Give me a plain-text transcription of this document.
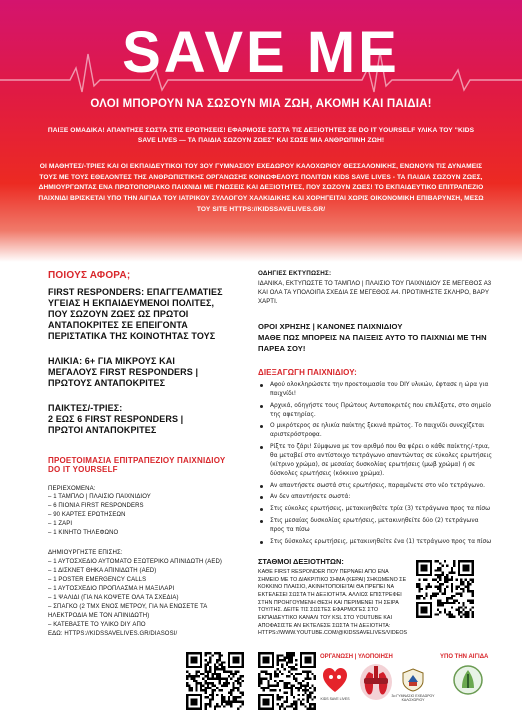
SAVE ME
ΟΛΟΙ ΜΠΟΡΟΥΝ ΝΑ ΣΩΣΟΥΝ ΜΙΑ ΖΩΗ, ΑΚΟΜΗ ΚΑΙ ΠΑΙΔΙΑ!
ΠΑΙΞΕ ΟΜΑΔΙΚΑ! ΑΠΑΝΤΗΣΕ ΣΩΣΤΑ ΣΤΙΣ ΕΡΩΤΗΣΕΙΣ! ΕΦΑΡΜΟΣΕ ΣΩΣΤΑ ΤΙΣ ΔΕΞΙΟΤΗΤΕΣ ΣΕ DO IT YOURSELF ΥΛΙΚΑ ΤΟΥ "KIDS SAVE LIVES — ΤΑ ΠΑΙΔΙΑ ΣΩΖΟΥΝ ΖΩΕΣ" ΚΑΙ ΣΩΣΕ ΜΙΑ ΑΝΘΡΩΠΙΝΗ ΖΩΗ!
ΟΙ ΜΑΘΗΤΕΣ/-ΤΡΙΕΣ ΚΑΙ ΟΙ ΕΚΠΑΙΔΕΥΤΙΚΟΙ ΤΟΥ 3ΟΥ ΓΥΜΝΑΣΙΟΥ ΕΧΕΔΩΡΟΥ ΚΑΛΟΧΩΡΙΟΥ ΘΕΣΣΑΛΟΝΙΚΗΣ, ΕΝΩΝΟΥΝ ΤΙΣ ΔΥΝΑΜΕΙΣ ΤΟΥΣ ΜΕ ΤΟΥΣ ΕΘΕΛΟΝΤΕΣ ΤΗΣ ΑΝΘΡΩΠΙΣΤΙΚΗΣ ΟΡΓΑΝΩΣΗΣ ΚΟΙΝΩΦΕΛΟΥΣ ΠΟΛΙΤΩΝ KIDS SAVE LIVES - ΤΑ ΠΑΙΔΙΑ ΣΩΖΟΥΝ ΖΩΕΣ, ΔΗΜΙΟΥΡΓΩΝΤΑΣ ΕΝΑ ΠΡΩΤΟΠΟΡΙΑΚΟ ΠΑΙΧΝΙΔΙ ΜΕ ΓΝΩΣΕΙΣ ΚΑΙ ΔΕΞΙΟΤΗΤΕΣ, ΠΟΥ ΣΩΖΟΥΝ ΖΩΕΣ! ΤΟ ΕΚΠΑΙΔΕΥΤΙΚΟ ΕΠΙΤΡΑΠΕΖΙΟ ΠΑΙΧΝΙΔΙ ΒΡΙΣΚΕΤΑΙ ΥΠΟ ΤΗΝ ΑΙΓΙΔΑ ΤΟΥ ΙΑΤΡΙΚΟΥ ΣΥΛΛΟΓΟΥ ΧΑΛΚΙΔΙΚΗΣ ΚΑΙ ΧΟΡΗΓΕΙΤΑΙ ΧΩΡΙΣ ΟΙΚΟΝΟΜΙΚΗ ΕΠΙΒΑΡΥΝΣΗ, ΜΕΣΩ ΤΟΥ SITE HTTPS://KIDSSAVELIVES.GR/
ΠΟΙΟΥΣ ΑΦΟΡΑ;
FIRST RESPONDERS: ΕΠΑΓΓΕΛΜΑΤΙΕΣ
ΥΓΕΙΑΣ Η ΕΚΠΑΙΔΕΥΜΕΝΟΙ ΠΟΛΙΤΕΣ,
ΠΟΥ ΣΩΖΟΥΝ ΖΩΕΣ ΩΣ ΠΡΩΤΟΙ
ΑΝΤΑΠΟΚΡΙΤΕΣ ΣΕ ΕΠΕΙΓΟΝΤΑ
ΠΕΡΙΣΤΑΤΙΚΑ ΤΗΣ ΚΟΙΝΟΤΗΤΑΣ ΤΟΥΣ
ΗΛΙΚΙΑ: 6+ ΓΙΑ ΜΙΚΡΟΥΣ ΚΑΙ
ΜΕΓΑΛΟΥΣ FIRST RESPONDERS |
ΠΡΩΤΟΥΣ ΑΝΤΑΠΟΚΡΙΤΕΣ
ΠΑΙΚΤΕΣ/-ΤΡΙΕΣ:
2 ΕΩΣ 6 FIRST RESPONDERS |
ΠΡΩΤΟΙ ΑΝΤΑΠΟΚΡΙΤΕΣ
ΠΡΟΕΤΟΙΜΑΣΙΑ ΕΠΙΤΡΑΠΕΖΙΟΥ ΠΑΙΧΝΙΔΙΟΥ
DO IT YOURSELF
ΠΕΡΙΕΧΟΜΕΝΑ:
– 1 ΤΑΜΠΛΟ | ΠΛΑΙΣΙΟ ΠΑΙΧΝΙΔΙΟΥ
– 6 ΠΙΟΝΙΑ FIRST RESPONDERS
– 90 ΚΑΡΤΕΣ ΕΡΩΤΗΣΕΩΝ
– 1 ΖΑΡΙ
– 1 ΚΙΝΗΤΟ ΤΗΛΕΦΩΝΟ
ΔΗΜΙΟΥΡΓΗΣΤΕ ΕΠΙΣΗΣ:
– 1 ΑΥΤΟΣΧΕΔΙΟ ΑΥΤΟΜΑΤΟ ΕΞΩΤΕΡΙΚΟ ΑΠΙΝΙΔΩΤΗ (AED)
– 1 ΔΙΣΚΝΕΤ ΘΗΚΑ ΑΠΙΝΙΔΩΤΗ (AED)
– 1 POSTER EMERGENCY CALLS
– 1 ΑΥΤΟΣΧΕΔΙΟ ΠΡΟΠΛΑΣΜΑ Η ΜΑΞΙΛΑΡΙ
– 1 ΨΑΛΙΔΙ (ΓΙΑ ΝΑ ΚΟΨΕΤΕ ΟΛΑ ΤΑ ΣΧΕΔΙΑ)
– ΣΠΑΓΚΟ (2 ΤΜΧ ΕΝΟΣ ΜΕΤΡΟΥ, ΓΙΑ ΝΑ ΕΝΩΣΕΤΕ ΤΑ
ΗΛΕΚΤΡΟΔΙΑ ΜΕ ΤΟΝ ΑΠΙΝΙΔΩΤΗ)
– ΚΑΤΕΒΑΣΤΕ ΤΟ ΥΛΙΚΟ DIY ΑΠΟ
ΕΔΩ: HTTPS://KIDSSAVELIVES.GR/DIASOSI/
ΟΔΗΓΙΕΣ ΕΚΤΥΠΩΣΗΣ:
ΙΔΑΝΙΚΑ, ΕΚΤΥΠΩΣΤΕ ΤΟ ΤΑΜΠΛΟ | ΠΛΑΙΣΙΟ ΤΟΥ ΠΑΙΧΝΙΔΙΟΥ ΣΕ ΜΕΓΕΘΟΣ Α3 ΚΑΙ ΟΛΑ ΤΑ ΥΠΟΛΟΙΠΑ ΣΧΕΔΙΑ ΣΕ ΜΕΓΕΘΟΣ Α4. ΠΡΟΤΙΜΗΣΤΕ ΣΚΛΗΡΟ, ΒΑΡΥ ΧΑΡΤΙ.
ΟΡΟΙ ΧΡΗΣΗΣ | ΚΑΝΟΝΕΣ ΠΑΙΧΝΙΔΙΟΥ
ΜΑΘΕ ΠΩΣ ΜΠΟΡΕΙΣ ΝΑ ΠΑΙΞΕΙΣ ΑΥΤΟ ΤΟ ΠΑΙΧΝΙΔΙ ΜΕ ΤΗΝ ΠΑΡΕΑ ΣΟΥ!
ΔΙΕΞΑΓΩΓΗ ΠΑΙΧΝΙΔΙΟΥ:
Αφού ολοκληρώσετε την προετοιμασία του DIY υλικών, έφτασε η ώρα για παιχνίδι!
Αρχικά, οδηγήστε τους Πρώτους Ανταποκριτές που επιλέξατε, στο σημείο της αφετηρίας.
Ο μικρότερος σε ηλικία παίκτης ξεκινά πρώτος. Το παιχνίδι συνεχίζεται αριστερόστροφα.
Ρίξτε το ζάρι! Σύμφωνα με τον αριθμό που θα φέρει ο κάθε παίκτης/-τρια, θα μεταβεί στο αντίστοιχο τετράγωνο απαντώντας σε εύκολες ερωτήσεις (κίτρινο χρώμα), σε μεσαίας δυσκολίας ερωτήσεις (μωβ χρώμα) ή σε δύσκολες ερωτήσεις (κόκκινο χρώμα).
Αν απαντήσετε σωστά στις ερωτήσεις, παραμένετε στο νέο τετράγωνο.
Αν δεν απαντήσετε σωστά:
Στις εύκολες ερωτήσεις, μετακινηθείτε τρία (3) τετράγωνα προς τα πίσω
Στις μεσαίας δυσκολίας ερωτήσεις, μετακινηθείτε δύο (2) τετράγωνα προς τα πίσω
Στις δύσκολες ερωτήσεις, μετακινηθείτε ένα (1) τετράγωνο προς τα πίσω
ΣΤΑΘΜΟΙ ΔΕΞΙΟΤΗΤΩΝ:
ΚΑΘΕ FIRST RESPONDER ΠΟΥ ΠΕΡΝΑΕΙ ΑΠΟ ΕΝΑ ΣΗΜΕΙΟ ΜΕ ΤΟ ΔΙΑΚΡΙΤΙΚΟ ΣΗΜΑ (ΚΕΡΑΙ) ΣΗΚΩΜΕΝΟ ΣΕ ΚΟΚΚΙΝΟ ΠΛΑΙΣΙΟ, ΑΚΙΝΗΤΟΠΟΙΕΙΤΑΙ ΘΑ ΠΡΕΠΕΙ ΝΑ ΕΚΤΕΛΕΣΕΙ ΣΩΣΤΑ ΤΗ ΔΕΞΙΟΤΗΤΑ. ΑΛΛΙΩΣ ΕΠΙΣΤΡΕΦΕΙ ΣΤΗΝ ΠΡΟΗΓΟΥΜΕΝΗ ΘΕΣΗ ΚΑΙ ΠΕΡΙΜΕΝΕΙ ΤΗ ΣΕΙΡΑ ΤΟΥ/ΤΗΣ. ΔΕΙΤΕ ΤΙΣ ΣΩΣΤΕΣ ΕΦΑΡΜΟΓΕΣ ΣΤΟ ΕΚΠΑΙΔΕΥΤΙΚΟ ΚΑΝΑΛΙ ΤΟΥ KSL ΣΤΟ YOUTUBE ΚΑΙ ΑΠΟΦΑΣΙΣΤΕ ΑΝ ΕΚΤΕΛΕΣΕ ΣΩΣΤΑ ΤΗ ΔΕΞΙΟΤΗΤΑ: HTTPS://WWW.YOUTUBE.COM/@KIDSSAVELIVES/VIDEOS
ΟΡΓΑΝΩΣΗ | ΥΛΟΠΟΙΗΣΗ	ΥΠΟ ΤΗΝ ΑΙΓΙΔΑ
KIDS SAVE LIVES
3ο ΓΥΜΝΑΣΙΟ ΕΧΕΔΩΡΟΥ ΚΑΛΟΧΩΡΙΟΥ
